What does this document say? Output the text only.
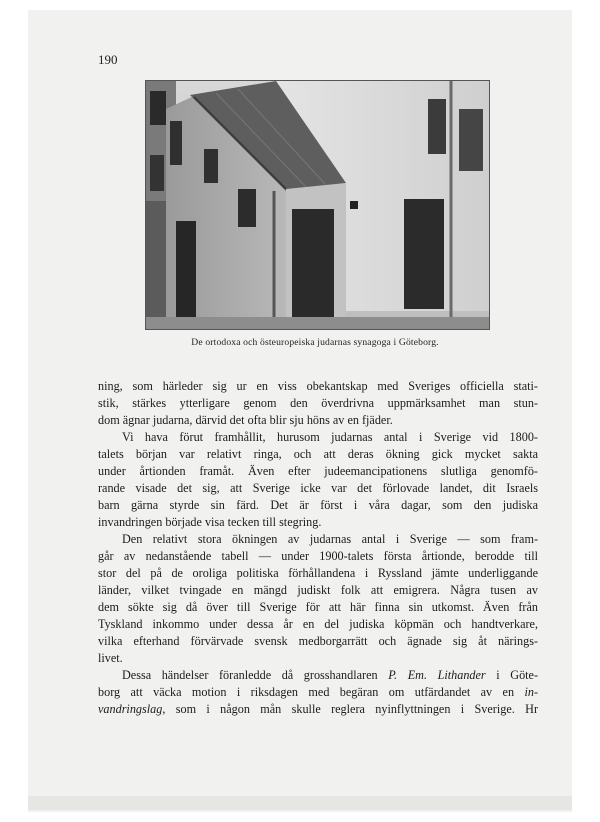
190
De ortodoxa och östeuropeiska judarnas synagoga i Göteborg.
ning, som härleder sig ur en viss obekantskap med Sveriges officiella stati-
stik, stärkes ytterligare genom den överdrivna uppmärksamhet man stun-
dom ägnar judarna, därvid det ofta blir sju höns av en fjäder.
Vi hava förut framhållit, hurusom judarnas antal i Sverige vid 1800-
talets början var relativt ringa, och att deras ökning gick mycket sakta
under årtionden framåt. Även efter judeemancipationens slutliga genomfö-
rande visade det sig, att Sverige icke var det förlovade landet, dit Israels
barn gärna styrde sin färd. Det är först i våra dagar, som den judiska
invandringen började visa tecken till stegring.
Den relativt stora ökningen av judarnas antal i Sverige — som fram-
går av nedanstående tabell — under 1900-talets första årtionde, berodde till
stor del på de oroliga politiska förhållandena i Ryssland jämte underliggande
länder, vilket tvingade en mängd judiskt folk att emigrera. Några tusen av
dem sökte sig då över till Sverige för att här finna sin utkomst. Även från
Tyskland inkommo under dessa år en del judiska köpmän och handtverkare,
vilka efterhand förvärvade svensk medborgarrätt och ägnade sig åt närings-
livet.
Dessa händelser föranledde då grosshandlaren P. Em. Lithander i Göte-
borg att väcka motion i riksdagen med begäran om utfärdandet av en in-
vandringslag, som i någon mån skulle reglera nyinflyttningen i Sverige. Hr
